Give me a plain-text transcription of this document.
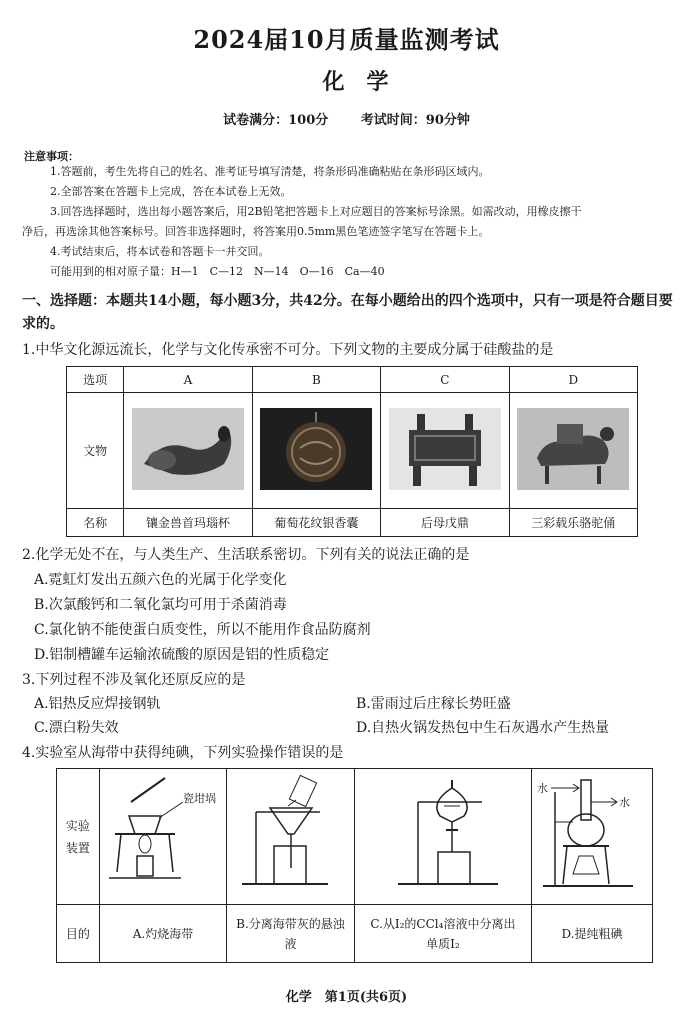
2024届10月质量监测考试
化学
试卷满分：100分	考试时间：90分钟
注意事项：

1.答题前，考生先将自己的姓名、准考证号填写清楚，将条形码准确粘贴在条形码区域内。

2.全部答案在答题卡上完成，答在本试卷上无效。

3.回答选择题时，选出每小题答案后，用2B铅笔把答题卡上对应题目的答案标号涂黑。如需改动，用橡皮擦干

净后，再选涂其他答案标号。回答非选择题时，将答案用0.5mm黑色笔迹签字笔写在答题卡上。

4.考试结束后，将本试卷和答题卡一并交回。

可能用到的相对原子量：H—1　C—12　N—14　O—16　Ca—40

一、选择题：本题共14小题，每小题3分，共42分。在每小题给出的四个选项中，只有一项是符合题目要求的。
1.中华文化源远流长，化学与文化传承密不可分。下列文物的主要成分属于硅酸盐的是
选项	A	B	C	D
文物				
名称	镶金兽首玛瑙杯	葡萄花纹银香囊	后母戊鼎	三彩载乐骆驼俑
2.化学无处不在，与人类生产、生活联系密切。下列有关的说法正确的是
A.霓虹灯发出五颜六色的光属于化学变化
B.次氯酸钙和二氧化氯均可用于杀菌消毒
C.氯化钠不能使蛋白质变性，所以不能用作食品防腐剂
D.铝制槽罐车运输浓硫酸的原因是铝的性质稳定
3.下列过程不涉及氧化还原反应的是
A.铝热反应焊接钢轨	B.雷雨过后庄稼长势旺盛
C.漂白粉失效	D.自热火锅发热包中生石灰遇水产生热量
4.实验室从海带中获得纯碘，下列实验操作错误的是
实验装置	瓷坩埚			水
水

目的	A.灼烧海带	B.分离海带灰的悬浊液	C.从I₂的CCl₄溶液中分离出单质I₂	D.提纯粗碘
化学　第1页(共6页)
